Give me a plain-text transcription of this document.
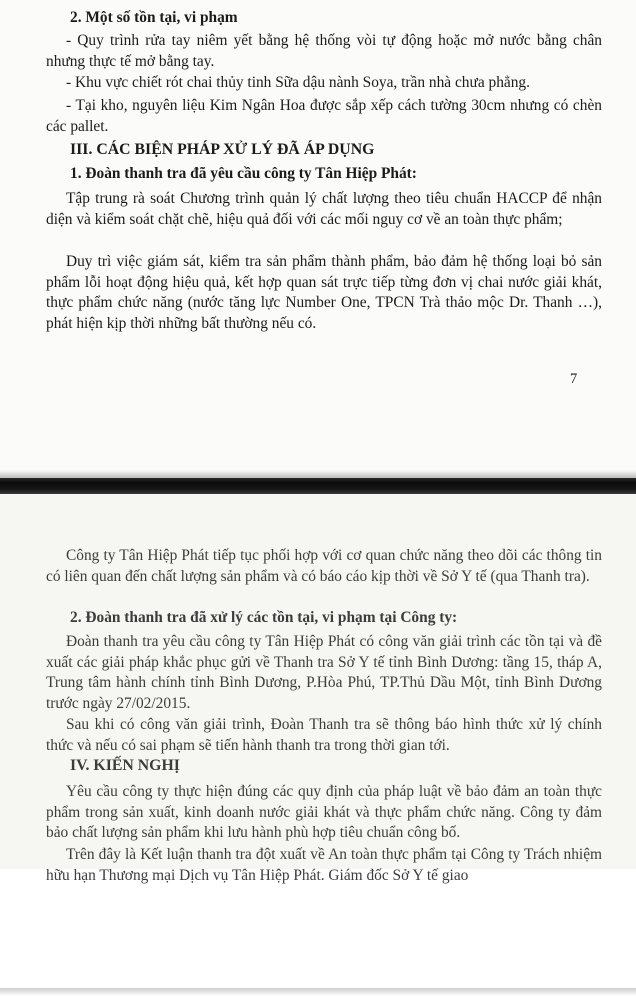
2. Một số tồn tại, vi phạm

- Quy trình rửa tay niêm yết bằng hệ thống vòi tự động hoặc mở nước bằng chân nhưng thực tế mở bằng tay.

- Khu vực chiết rót chai thủy tinh Sữa dậu nành Soya, trần nhà chưa phẳng.

- Tại kho, nguyên liệu Kim Ngân Hoa được sắp xếp cách tường 30cm nhưng có chèn các pallet.

III. CÁC BIỆN PHÁP XỬ LÝ ĐÃ ÁP DỤNG

1. Đoàn thanh tra đã yêu cầu công ty Tân Hiệp Phát:

Tập trung rà soát Chương trình quản lý chất lượng theo tiêu chuẩn HACCP để nhận diện và kiểm soát chặt chẽ, hiệu quả đối với các mối nguy cơ về an toàn thực phẩm;

Duy trì việc giám sát, kiểm tra sản phẩm thành phẩm, bảo đảm hệ thống loại bỏ sản phẩm lỗi hoạt động hiệu quả, kết hợp quan sát trực tiếp từng đơn vị chai nước giải khát, thực phẩm chức năng (nước tăng lực Number One, TPCN Trà thảo mộc Dr. Thanh …), phát hiện kịp thời những bất thường nếu có.

7

Công ty Tân Hiệp Phát tiếp tục phối hợp với cơ quan chức năng theo dõi các thông tin có liên quan đến chất lượng sản phẩm và có báo cáo kịp thời về Sở Y tế (qua Thanh tra).

2. Đoàn thanh tra đã xử lý các tồn tại, vi phạm tại Công ty:

Đoàn thanh tra yêu cầu công ty Tân Hiệp Phát có công văn giải trình các tồn tại và đề xuất các giải pháp khắc phục gửi về Thanh tra Sở Y tế tỉnh Bình Dương: tầng 15, tháp A, Trung tâm hành chính tỉnh Bình Dương, P.Hòa Phú, TP.Thủ Dầu Một, tỉnh Bình Dương trước ngày 27/02/2015.

Sau khi có công văn giải trình, Đoàn Thanh tra sẽ thông báo hình thức xử lý chính thức và nếu có sai phạm sẽ tiến hành thanh tra trong thời gian tới.

IV. KIẾN NGHỊ

Yêu cầu công ty thực hiện đúng các quy định của pháp luật về bảo đảm an toàn thực phẩm trong sản xuất, kinh doanh nước giải khát và thực phẩm chức năng. Công ty đảm bảo chất lượng sản phẩm khi lưu hành phù hợp tiêu chuẩn công bố.

Trên đây là Kết luận thanh tra đột xuất về An toàn thực phẩm tại Công ty Trách nhiệm hữu hạn Thương mại Dịch vụ Tân Hiệp Phát. Giám đốc Sở Y tế giao
